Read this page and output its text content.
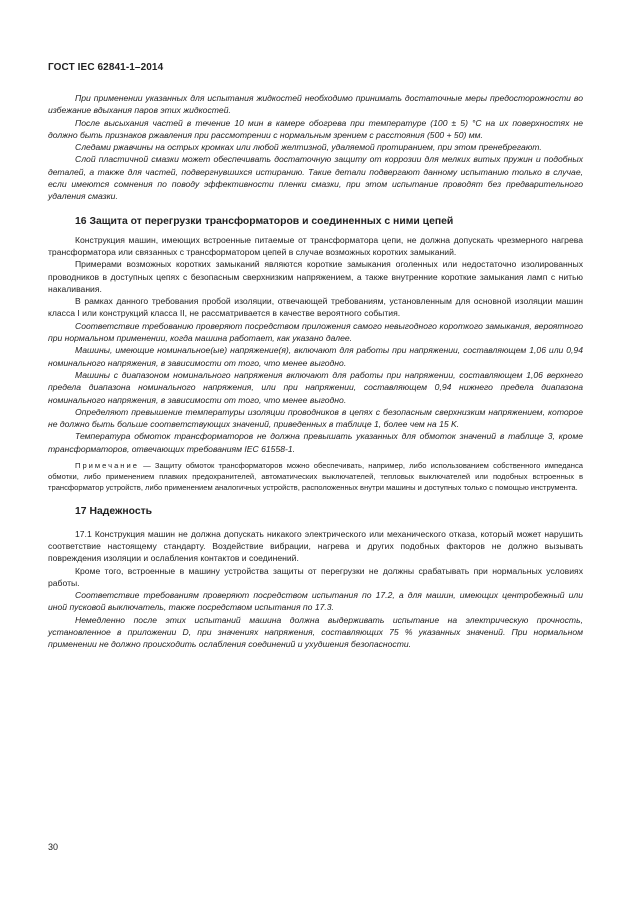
ГОСТ IEC 62841-1–2014

При применении указанных для испытания жидкостей необходимо принимать достаточные меры предосторожности во избежание вдыхания паров этих жидкостей.

После высыхания частей в течение 10 мин в камере обогрева при температуре (100 ± 5) °С на их поверхностях не должно быть признаков ржавления при рассмотрении с нормальным зрением с расстояния (500 + 50) мм.

Следами ржавчины на острых кромках или любой желтизной, удаляемой протиранием, при этом пренебрегают.

Слой пластичной смазки может обеспечивать достаточную защиту от коррозии для мелких витых пружин и подобных деталей, а также для частей, подвергнувшихся истиранию. Такие детали подвергают данному испытанию только в случае, если имеются сомнения по поводу эффективности пленки смазки, при этом испытание проводят без предварительного удаления смазки.

16 Защита от перегрузки трансформаторов и соединенных с ними цепей

Конструкция машин, имеющих встроенные питаемые от трансформатора цепи, не должна допускать чрезмерного нагрева трансформатора или связанных с трансформатором цепей в случае возможных коротких замыканий.

Примерами возможных коротких замыканий являются короткие замыкания оголенных или недостаточно изолированных проводников в доступных цепях с безопасным сверхнизким напряжением, а также внутренние короткие замыкания ламп с нитью накаливания.

В рамках данного требования пробой изоляции, отвечающей требованиям, установленным для основной изоляции машин класса I или конструкций класса II, не рассматривается в качестве вероятного события.

Соответствие требованию проверяют посредством приложения самого невыгодного короткого замыкания, вероятного при нормальном применении, когда машина работает, как указано далее.

Машины, имеющие номинальное(ые) напряжение(я), включают для работы при напряжении, составляющем 1,06 или 0,94 номинального напряжения, в зависимости от того, что менее выгодно.

Машины с диапазоном номинального напряжения включают для работы при напряжении, составляющем 1,06 верхнего предела диапазона номинального напряжения, или при напряжении, составляющем 0,94 нижнего предела диапазона номинального напряжения, в зависимости от того, что менее выгодно.

Определяют превышение температуры изоляции проводников в цепях с безопасным сверхнизким напряжением, которое не должно быть больше соответствующих значений, приведенных в таблице 1, более чем на 15 K.

Температура обмоток трансформаторов не должна превышать указанных для обмоток значений в таблице 3, кроме трансформаторов, отвечающих требованиям IEC 61558-1.

Примечание — Защиту обмоток трансформаторов можно обеспечивать, например, либо использованием собственного импеданса обмотки, либо применением плавких предохранителей, автоматических выключателей, тепловых выключателей или подобных встроенных в трансформатор устройств, либо применением аналогичных устройств, расположенных внутри машины и доступных только с помощью инструмента.

17 Надежность

17.1 Конструкция машин не должна допускать никакого электрического или механического отказа, который может нарушить соответствие настоящему стандарту. Воздействие вибрации, нагрева и других подобных факторов не должно вызывать повреждения изоляции и ослабления контактов и соединений.

Кроме того, встроенные в машину устройства защиты от перегрузки не должны срабатывать при нормальных условиях работы.

Соответствие требованиям проверяют посредством испытания по 17.2, а для машин, имеющих центробежный или иной пусковой выключатель, также посредством испытания по 17.3.

Немедленно после этих испытаний машина должна выдерживать испытание на электрическую прочность, установленное в приложении D, при значениях напряжения, составляющих 75 % указанных значений. При нормальном применении не должно происходить ослабления соединений и ухудшения безопасности.

30
